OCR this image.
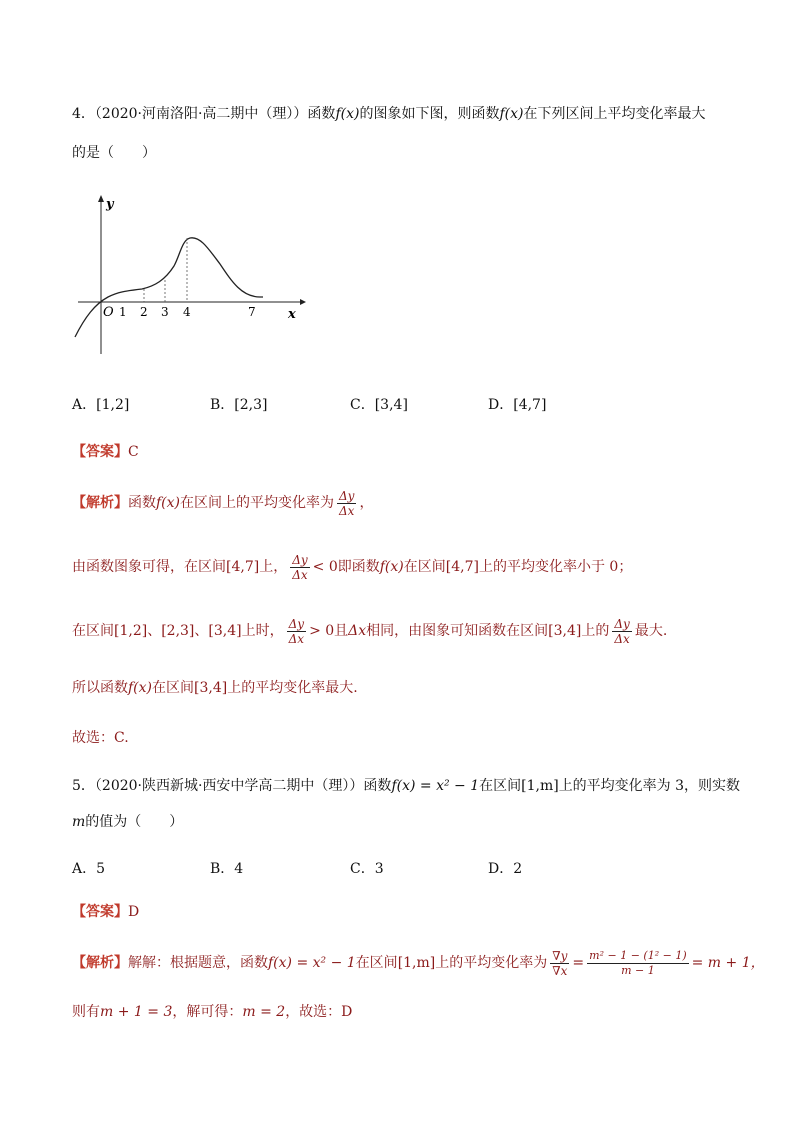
4．（2020·河南洛阳·高二期中（理））函数f(x)的图象如下图，则函数f(x)在下列区间上平均变化率最大
的是（　　）
y
x
O 1 2 3 4	7
A．[1,2]	B．[2,3]	C．[3,4]	D．[4,7]
【答案】C
【解析】函数f(x)在区间上的平均变化率为 $\frac{\Delta y}{\Delta x}$ ，
由函数图象可得，在区间[4,7]上， $\frac{\Delta y}{\Delta x} < 0$即函数f(x)在区间[4,7]上的平均变化率小于 0；
在区间[1,2]、[2,3]、[3,4]上时， $\frac{\Delta y}{\Delta x} > 0$且Δx相同，由图象可知函数在区间[3,4]上的 $\frac{\Delta y}{\Delta x}$ 最大.
所以函数f(x)在区间[3,4]上的平均变化率最大.
故选：C.
5．（2020·陕西新城·西安中学高二期中（理））函数f(x) = x² − 1在区间[1,m]上的平均变化率为 3，则实数
m的值为（　　）
A．5	B．4	C．3	D．2
【答案】D
【解析】解解：根据题意，函数f(x) = x² − 1在区间[1,m]上的平均变化率为 $\frac{\nabla y}{\nabla x} = \frac{\text{m² − 1 − (1² − 1)}}{m - 1} = m + 1$，
则有m + 1 = 3，解可得：m = 2，故选：D
